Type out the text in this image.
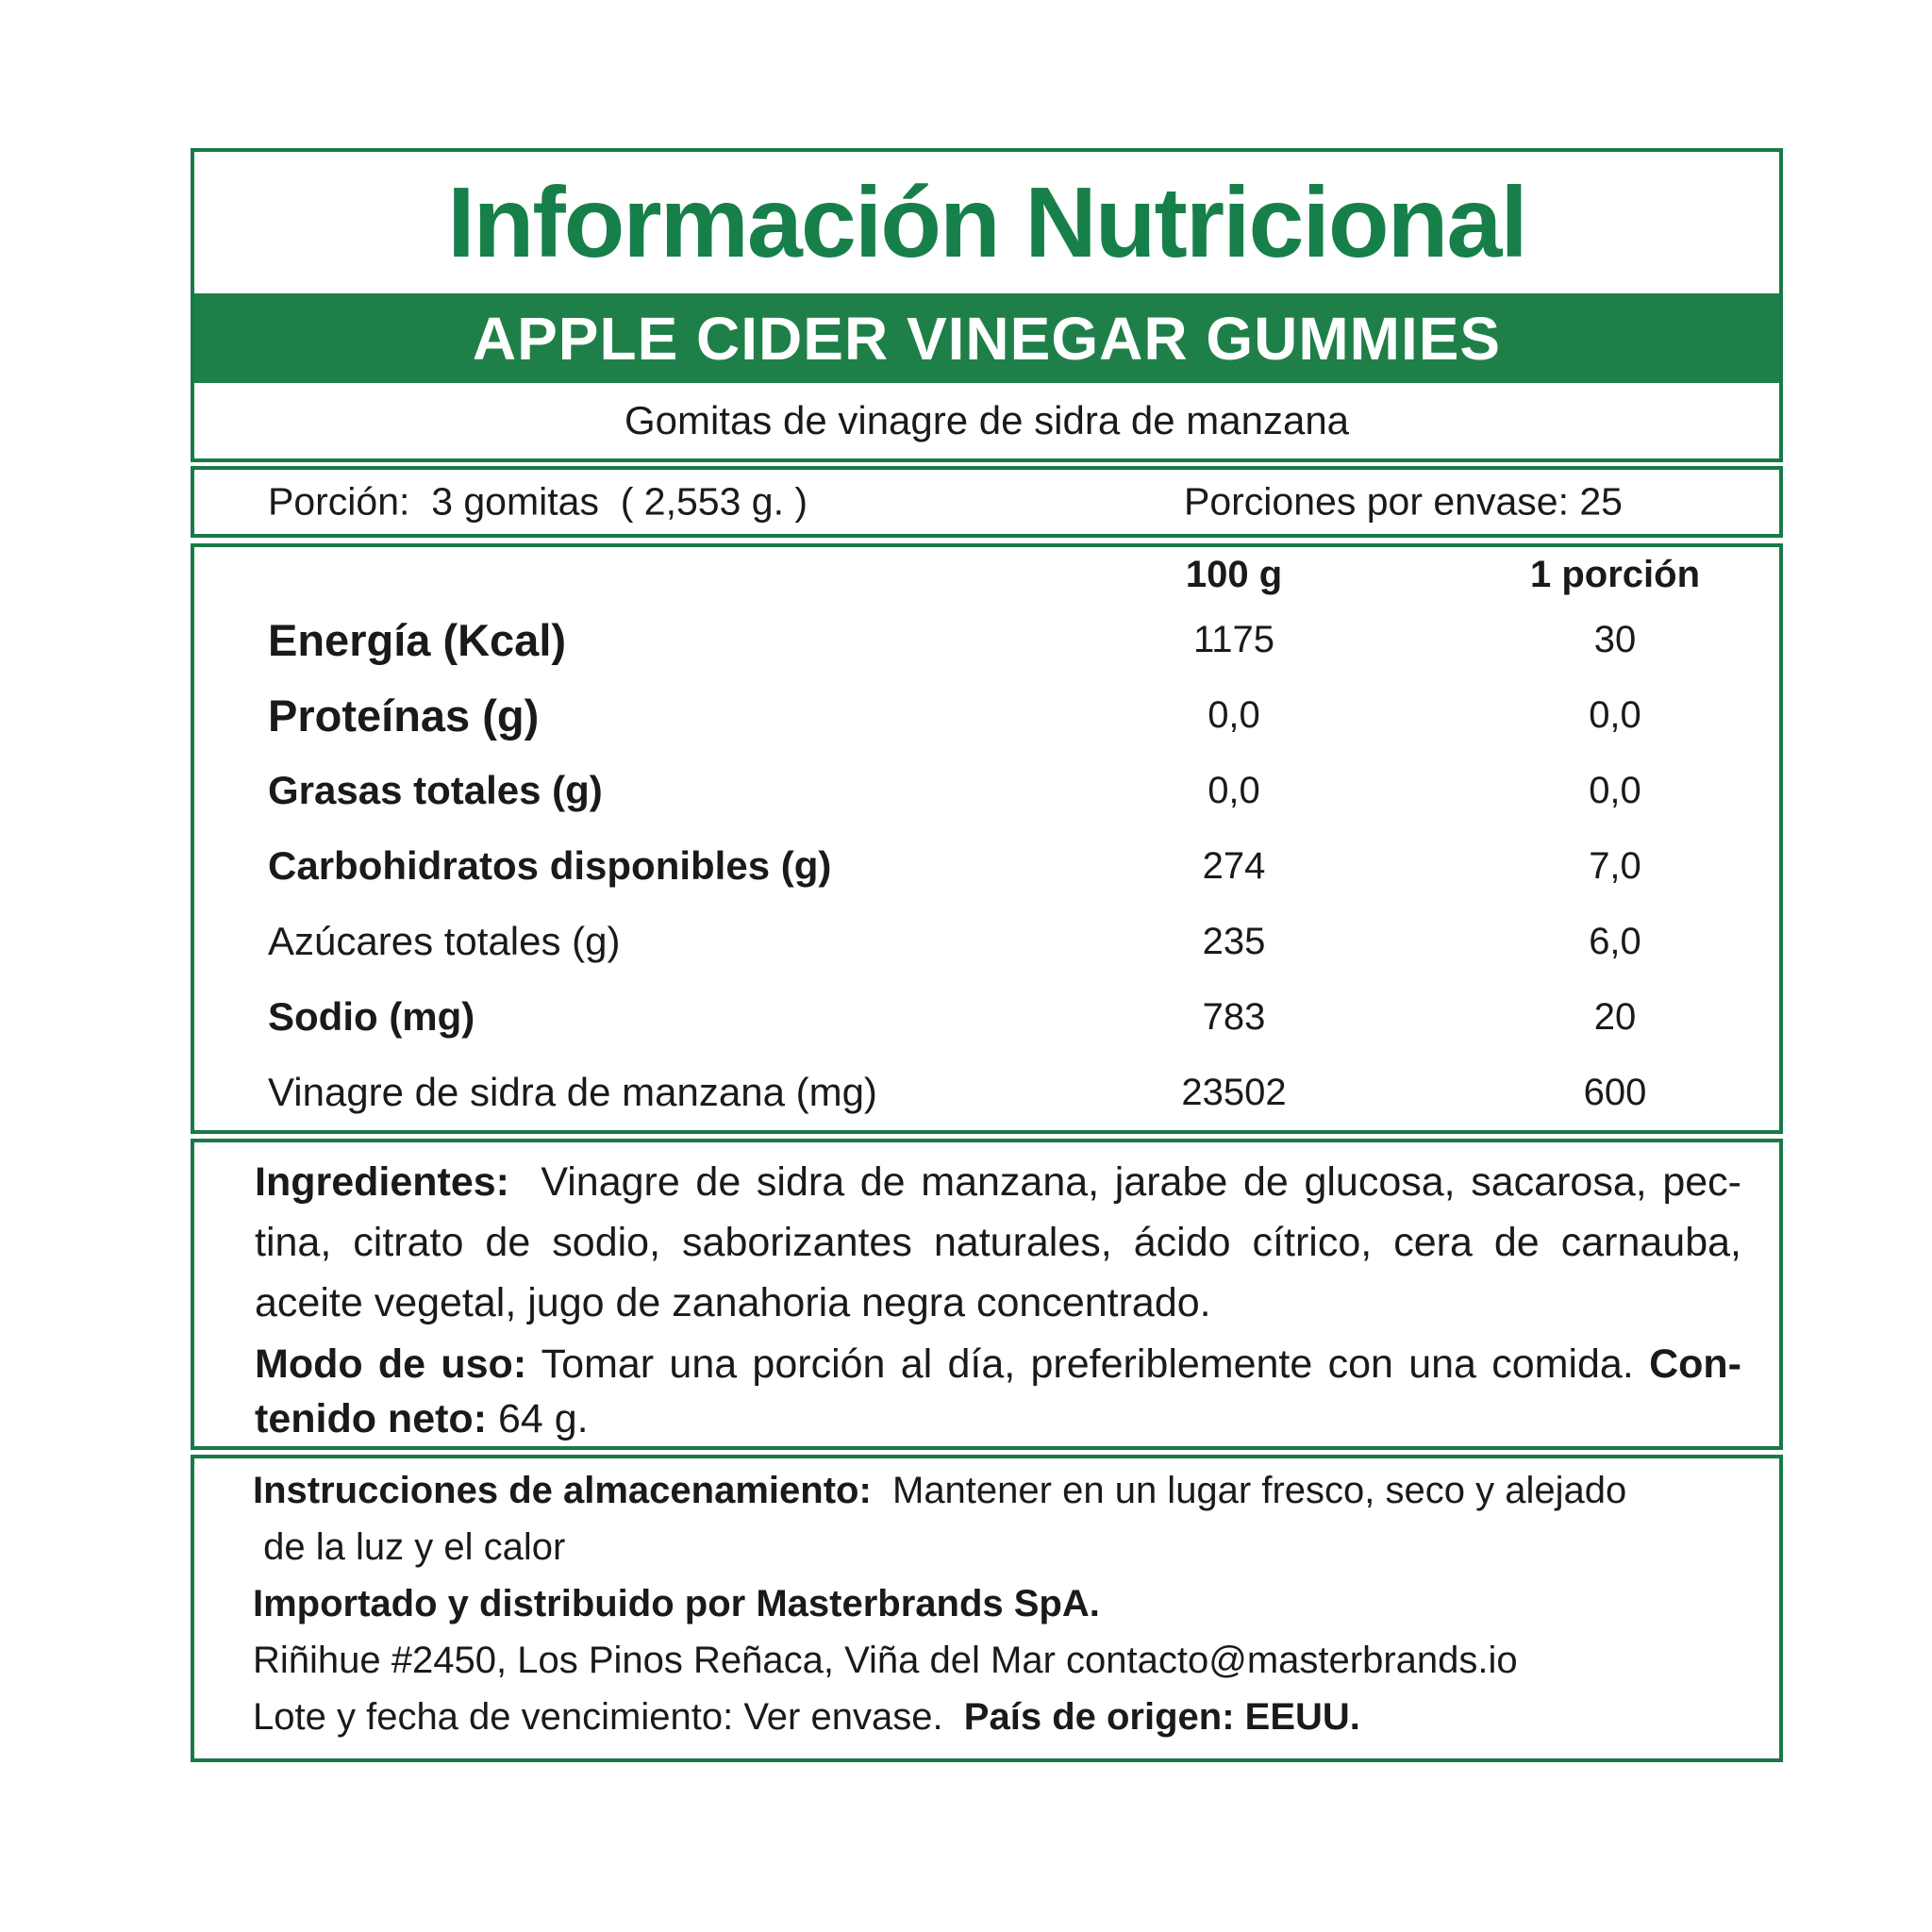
Información Nutricional
APPLE CIDER VINEGAR GUMMIES
Gomitas de vinagre de sidra de manzana
Porción:  3 gomitas  ( 2,553 g. )	Porciones por envase: 25
100 g	1 porción
Energía (Kcal)	1175	30
Proteínas (g)	0,0	0,0
Grasas totales (g)	0,0	0,0
Carbohidratos disponibles (g)	274	7,0
Azúcares totales (g)	235	6,0
Sodio (mg)	783	20
Vinagre de sidra de manzana (mg)	23502	600
Ingredientes:  Vinagre de sidra de manzana, jarabe de glucosa, sacarosa, pec-
tina, citrato de sodio, saborizantes naturales, ácido cítrico, cera de carnauba,
aceite vegetal, jugo de zanahoria negra concentrado.
Modo de uso: Tomar una porción al día, preferiblemente con una comida. Con-
tenido neto: 64 g.
Instrucciones de almacenamiento:  Mantener en un lugar fresco, seco y alejado
de la luz y el calor
Importado y distribuido por Masterbrands SpA.
Riñihue #2450, Los Pinos Reñaca, Viña del Mar contacto@masterbrands.io
Lote y fecha de vencimiento: Ver envase.  País de origen: EEUU.
